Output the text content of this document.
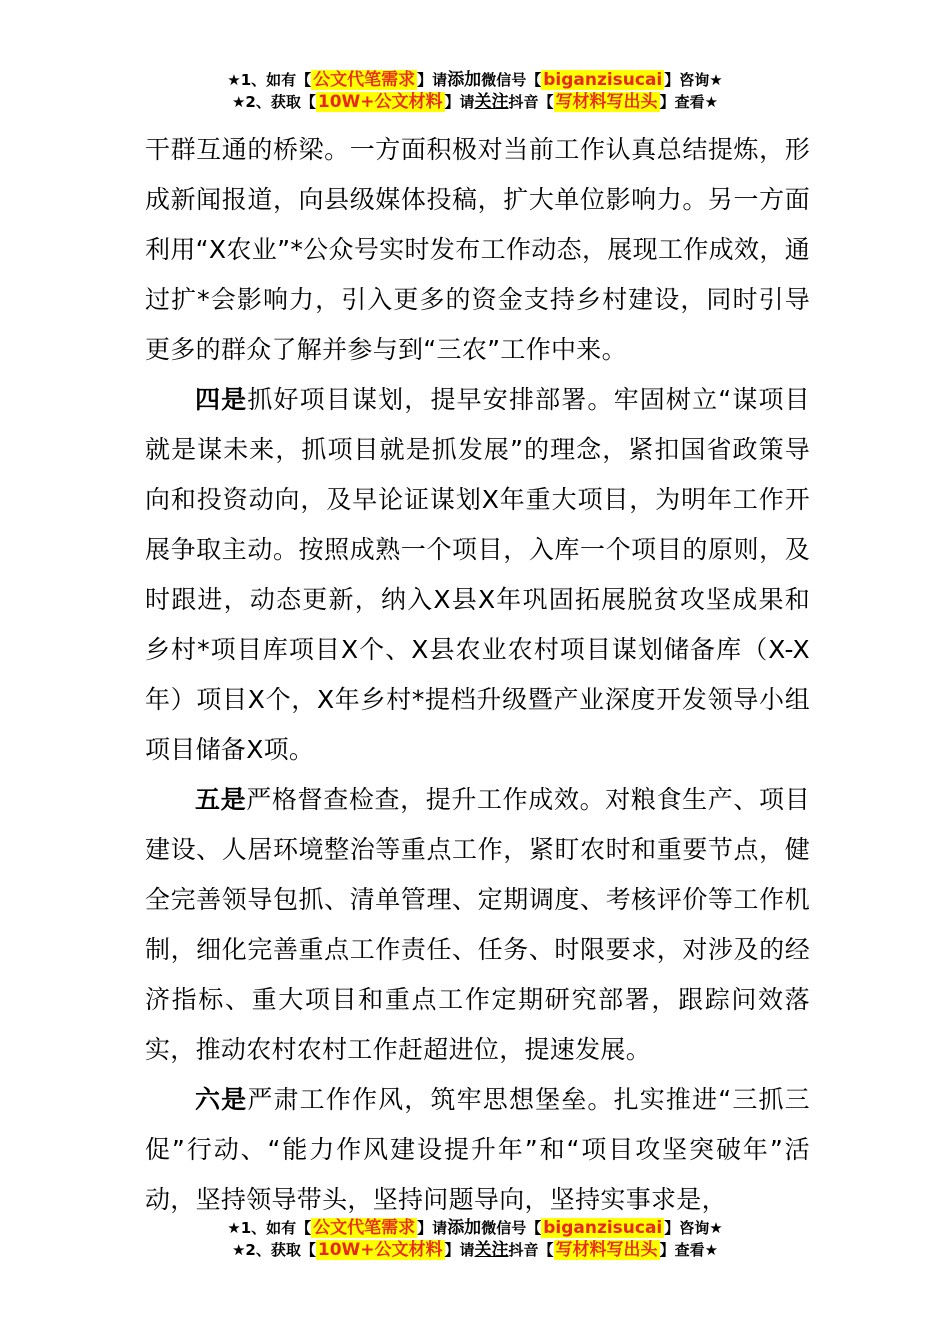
★1、如有【 公文代笔需求 】请添加微信号【 biganzisucai 】咨询★
★2、获取【 10W+公文材料 】请关注抖音【 写材料写出头 】查看★

干群互通的桥梁。一方面积极对当前工作认真总结提炼，形成新闻报道，向县级媒体投稿，扩大单位影响力。另一方面利用“X农业”*公众号实时发布工作动态，展现工作成效，通过扩*会影响力，引入更多的资金支持乡村建设，同时引导更多的群众了解并参与到“三农”工作中来。

四是抓好项目谋划，提早安排部署。牢固树立“谋项目就是谋未来，抓项目就是抓发展”的理念，紧扣国省政策导向和投资动向，及早论证谋划X年重大项目，为明年工作开展争取主动。按照成熟一个项目，入库一个项目的原则，及时跟进，动态更新，纳入X县X年巩固拓展脱贫攻坚成果和乡村*项目库项目X个、X县农业农村项目谋划储备库（X-X年）项目X个，X年乡村*提档升级暨产业深度开发领导小组项目储备X项。

五是严格督查检查，提升工作成效。对粮食生产、项目建设、人居环境整治等重点工作，紧盯农时和重要节点，健全完善领导包抓、清单管理、定期调度、考核评价等工作机制，细化完善重点工作责任、任务、时限要求，对涉及的经济指标、重大项目和重点工作定期研究部署，跟踪问效落实，推动农村农村工作赶超进位，提速发展。

六是严肃工作作风，筑牢思想堡垒。扎实推进“三抓三促”行动、“能力作风建设提升年”和“项目攻坚突破年”活动，坚持领导带头，坚持问题导向，坚持实事求是，

★1、如有【 公文代笔需求 】请添加微信号【 biganzisucai 】咨询★
★2、获取【 10W+公文材料 】请关注抖音【 写材料写出头 】查看★
